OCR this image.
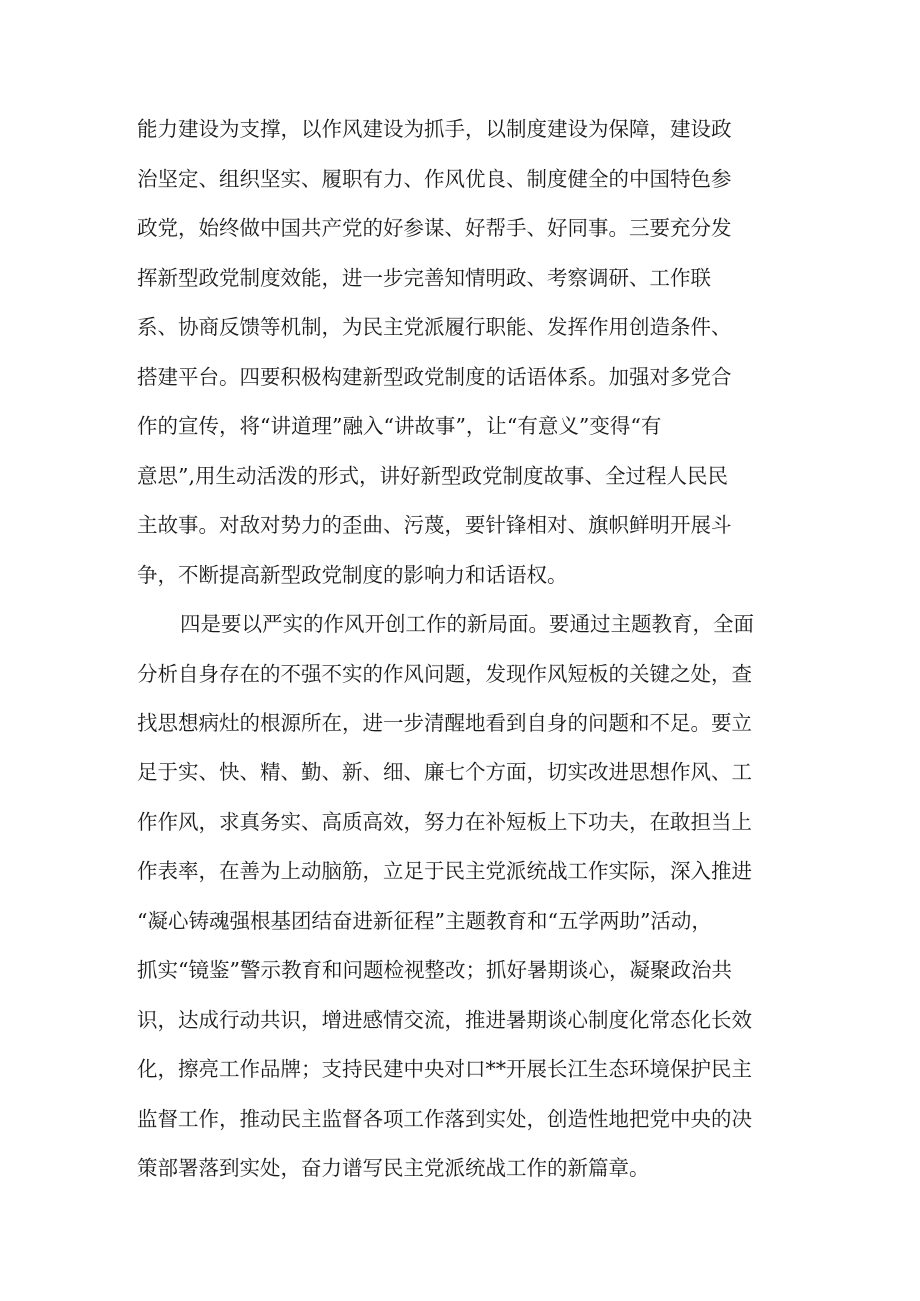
能力建设为支撑，以作风建设为抓手，以制度建设为保障，建设政
治坚定、组织坚实、履职有力、作风优良、制度健全的中国特色参
政党，始终做中国共产党的好参谋、好帮手、好同事。三要充分发
挥新型政党制度效能，进一步完善知情明政、考察调研、工作联
系、协商反馈等机制，为民主党派履行职能、发挥作用创造条件、
搭建平台。四要积极构建新型政党制度的话语体系。加强对多党合
作的宣传，将“讲道理”融入“讲故事”，让“有意义”变得“有
意思”,用生动活泼的形式，讲好新型政党制度故事、全过程人民民
主故事。对敌对势力的歪曲、污蔑，要针锋相对、旗帜鲜明开展斗
争，不断提高新型政党制度的影响力和话语权。
四是要以严实的作风开创工作的新局面。要通过主题教育，全面
分析自身存在的不强不实的作风问题，发现作风短板的关键之处，查
找思想病灶的根源所在，进一步清醒地看到自身的问题和不足。要立
足于实、快、精、勤、新、细、廉七个方面，切实改进思想作风、工
作作风，求真务实、高质高效，努力在补短板上下功夫，在敢担当上
作表率，在善为上动脑筋，立足于民主党派统战工作实际，深入推进
“凝心铸魂强根基团结奋进新征程”主题教育和“五学两助”活动，
抓实“镜鉴”警示教育和问题检视整改；抓好暑期谈心，凝聚政治共
识，达成行动共识，增进感情交流，推进暑期谈心制度化常态化长效
化，擦亮工作品牌；支持民建中央对口**开展长江生态环境保护民主
监督工作，推动民主监督各项工作落到实处，创造性地把党中央的决
策部署落到实处，奋力谱写民主党派统战工作的新篇章。
